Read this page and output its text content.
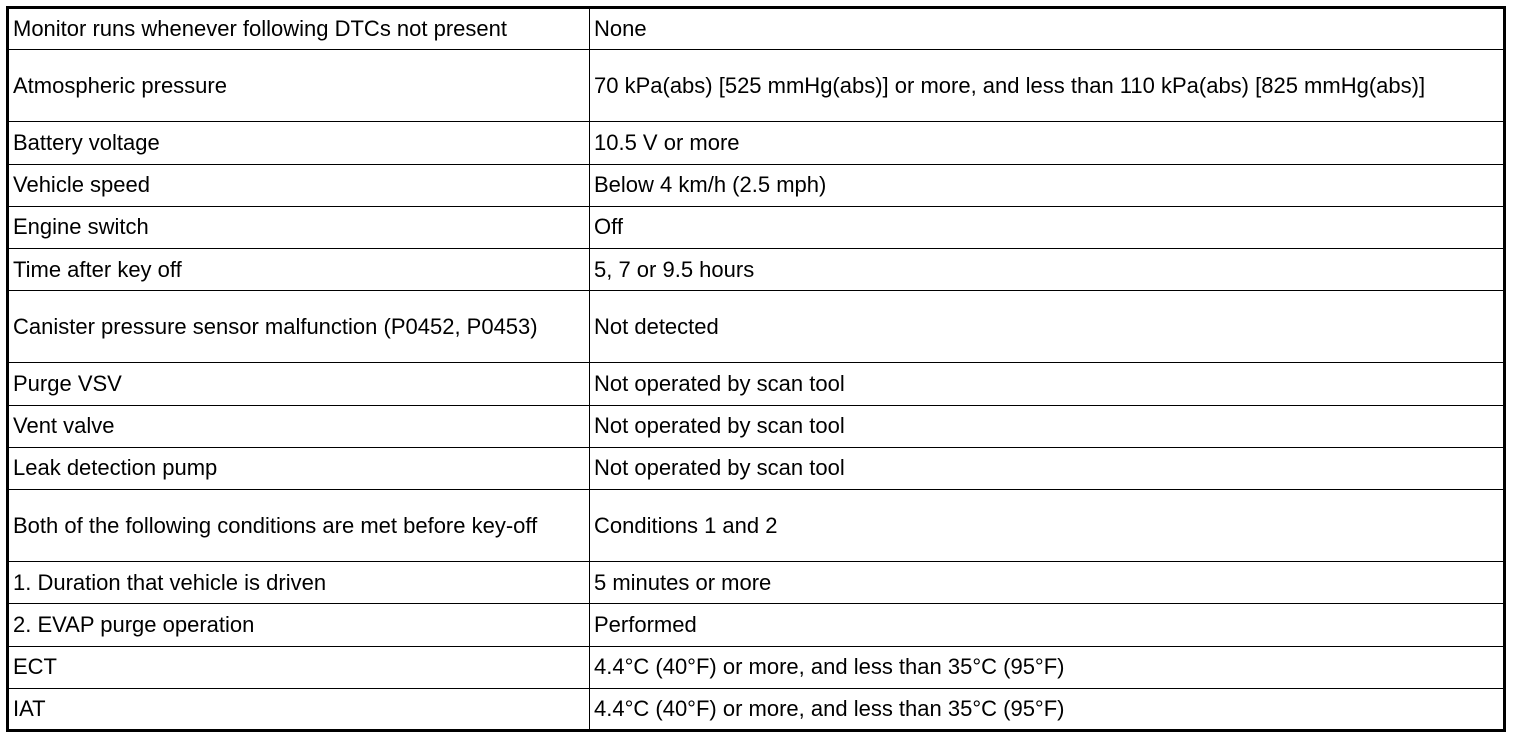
Monitor runs whenever following DTCs not present	None
Atmospheric pressure	70 kPa(abs) [525 mmHg(abs)] or more, and less than 110 kPa(abs) [825 mmHg(abs)]
Battery voltage	10.5 V or more
Vehicle speed	Below 4 km/h (2.5 mph)
Engine switch	Off
Time after key off	5, 7 or 9.5 hours
Canister pressure sensor malfunction (P0452, P0453)	Not detected
Purge VSV	Not operated by scan tool
Vent valve	Not operated by scan tool
Leak detection pump	Not operated by scan tool
Both of the following conditions are met before key-off	Conditions 1 and 2
1. Duration that vehicle is driven	5 minutes or more
2. EVAP purge operation	Performed
ECT	4.4°C (40°F) or more, and less than 35°C (95°F)
IAT	4.4°C (40°F) or more, and less than 35°C (95°F)
